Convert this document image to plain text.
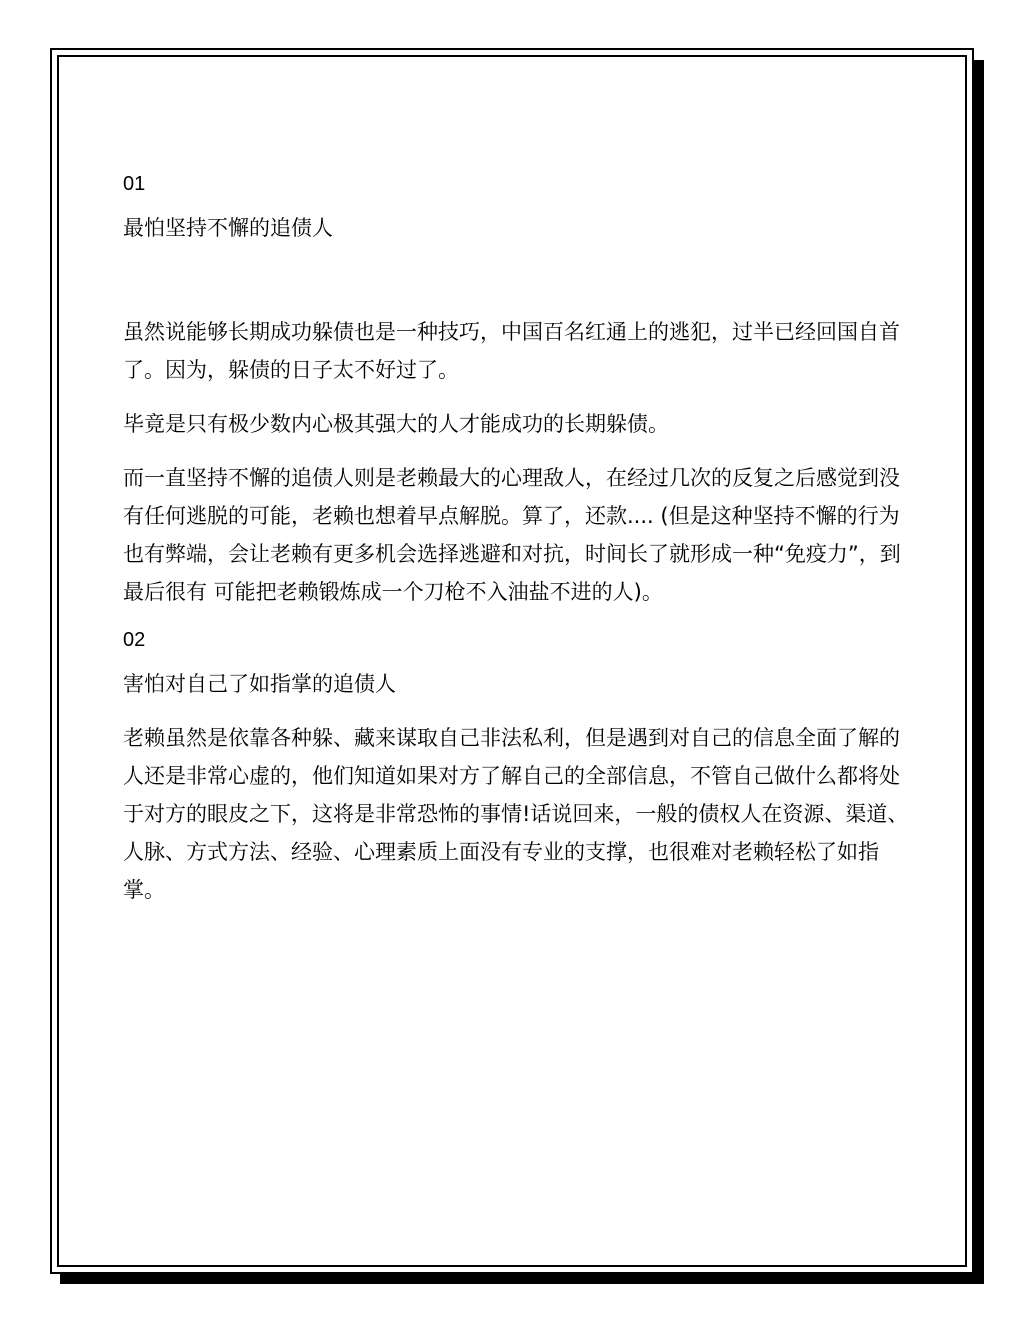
01

最怕坚持不懈的追债人

虽然说能够长期成功躲债也是一种技巧，中国百名红通上的逃犯，过半已经回国自首了。因为，躲债的日子太不好过了。

毕竟是只有极少数内心极其强大的人才能成功的长期躲债。

而一直坚持不懈的追债人则是老赖最大的心理敌人，在经过几次的反复之后感觉到没有任何逃脱的可能，老赖也想着早点解脱。算了，还款.... (但是这种坚持不懈的行为也有弊端，会让老赖有更多机会选择逃避和对抗，时间长了就形成一种“免疫力”，到最后很有 可能把老赖锻炼成一个刀枪不入油盐不进的人)。

02

害怕对自己了如指掌的追债人

老赖虽然是依靠各种躲、藏来谋取自己非法私利，但是遇到对自己的信息全面了解的人还是非常心虚的，他们知道如果对方了解自己的全部信息，不管自己做什么都将处于对方的眼皮之下，这将是非常恐怖的事情!话说回来，一般的债权人在资源、渠道、人脉、方式方法、经验、心理素质上面没有专业的支撑，也很难对老赖轻松了如指掌。
